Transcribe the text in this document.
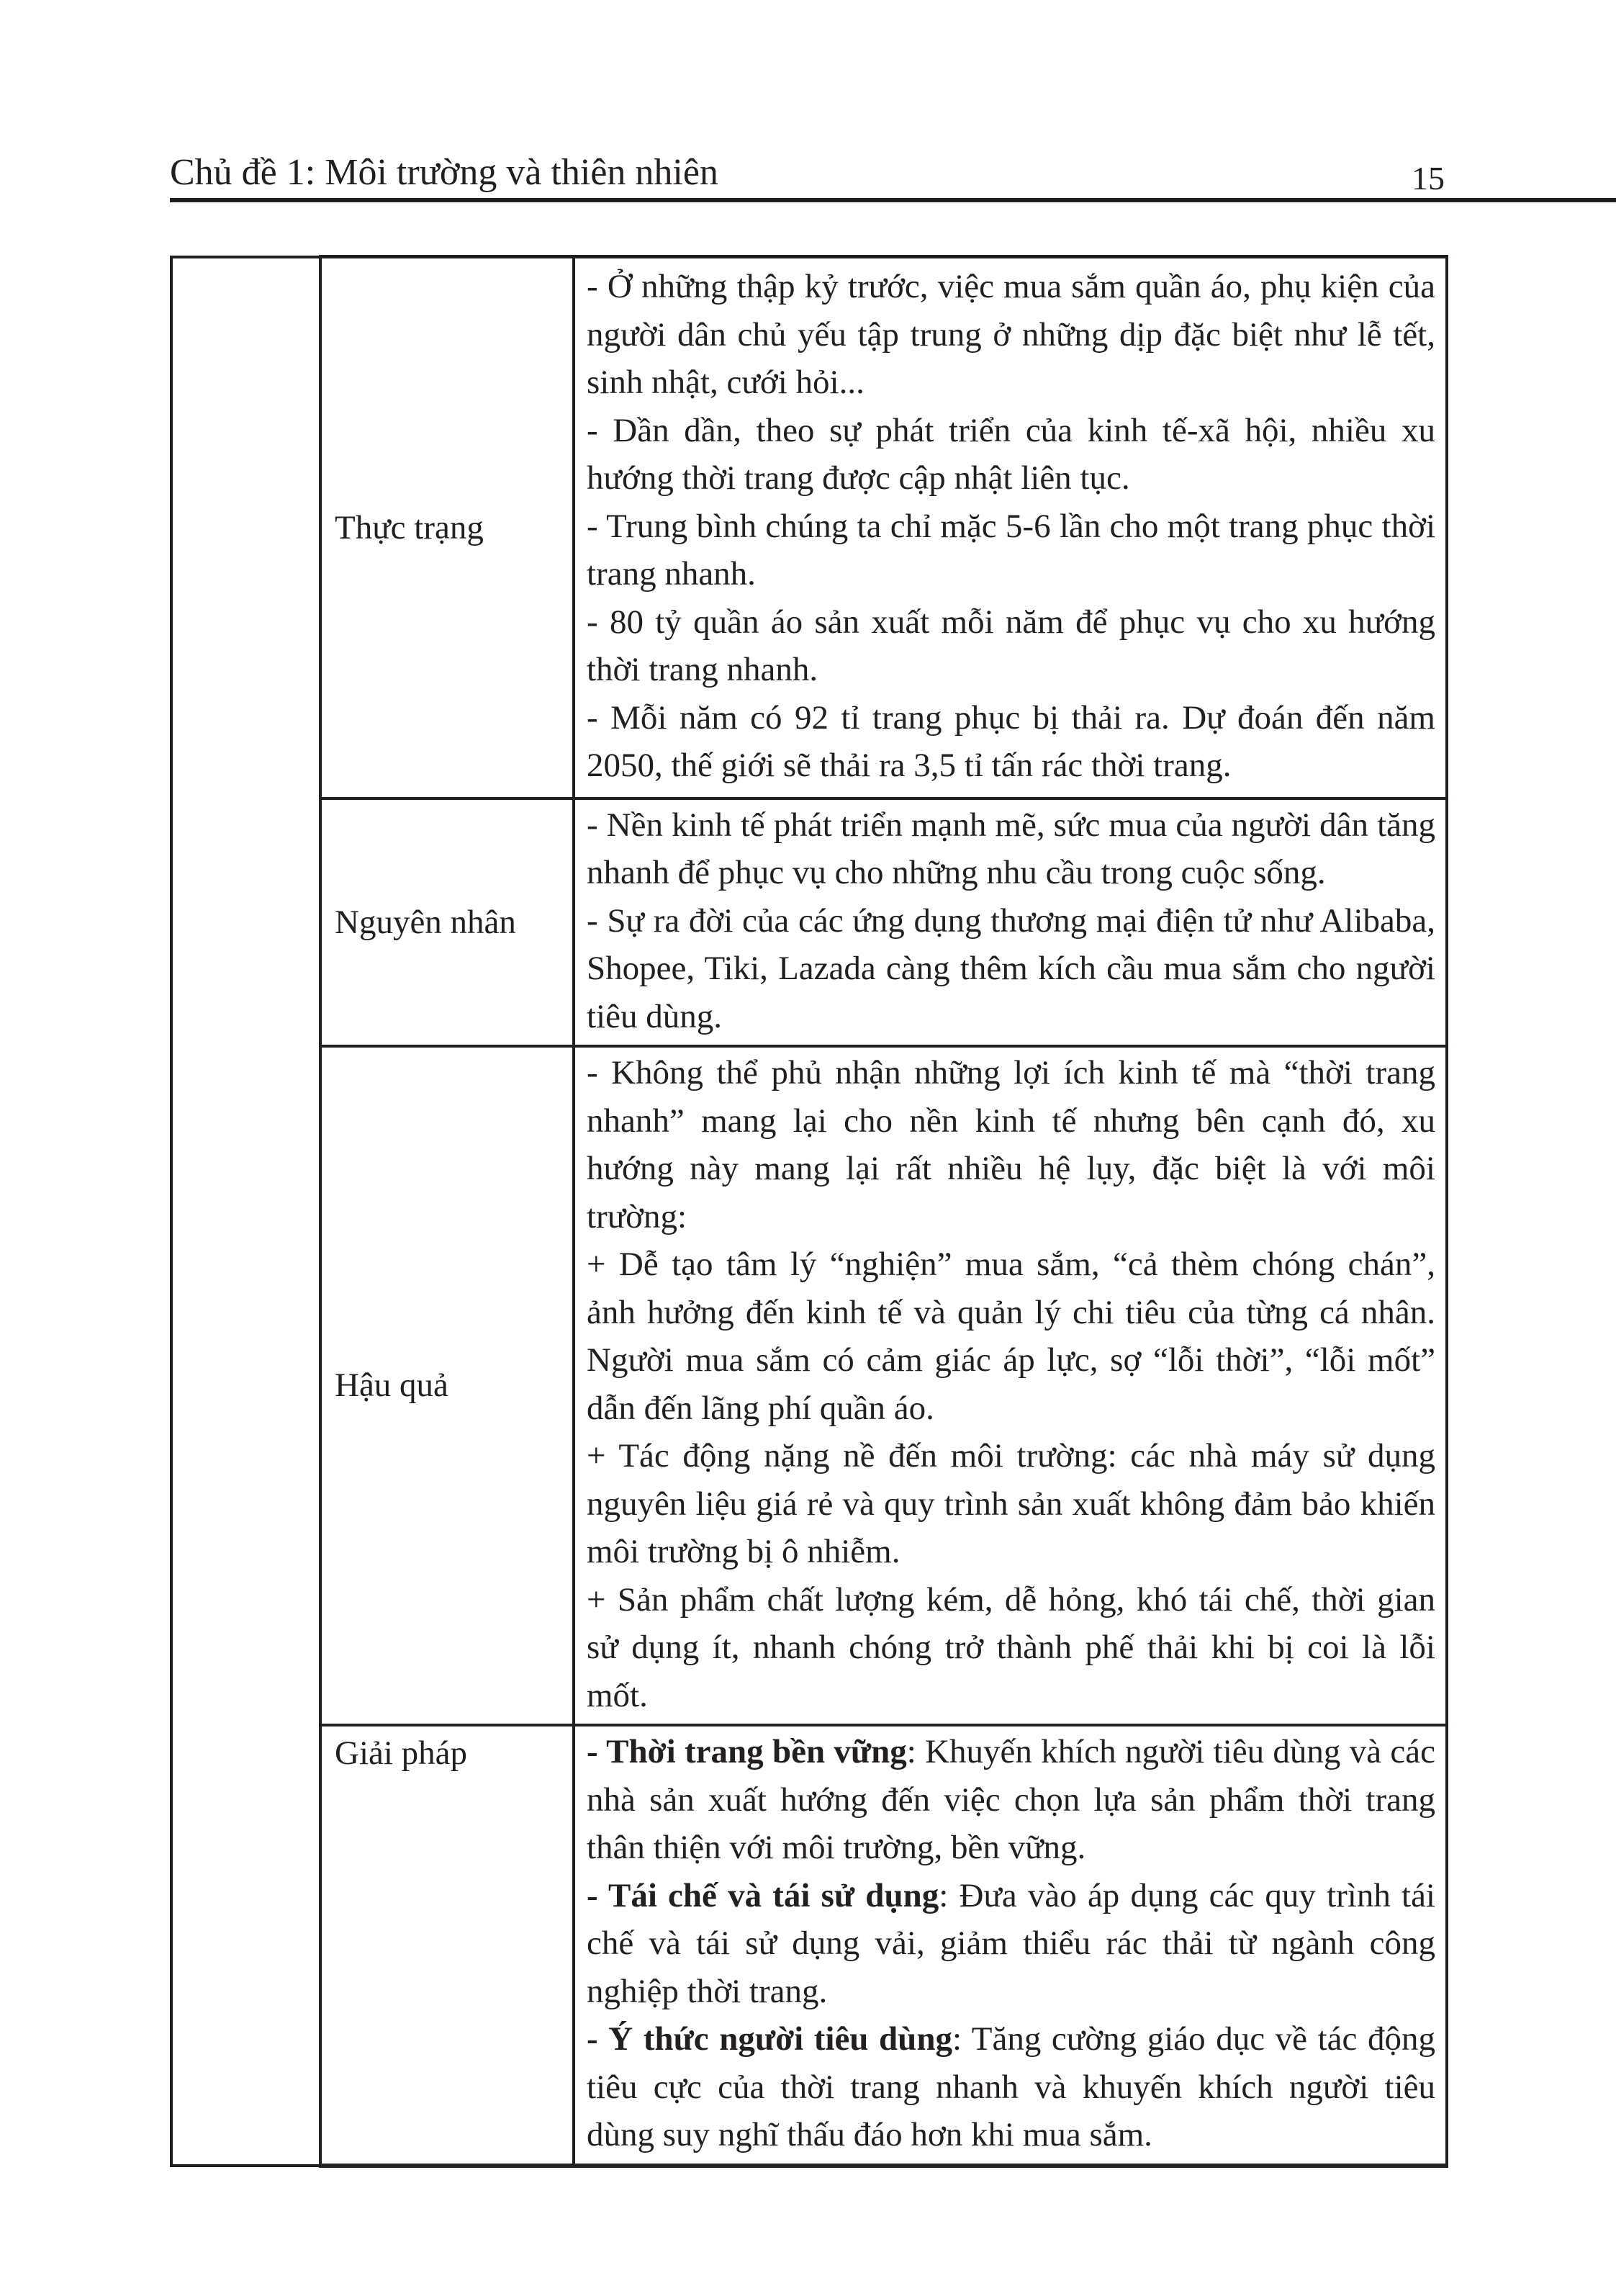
Chủ đề 1: Môi trường và thiên nhiên	15
	Thực trạng	- Ở những thập kỷ trước, việc mua sắm quần áo, phụ kiện của người dân chủ yếu tập trung ở những dịp đặc biệt như lễ tết, sinh nhật, cưới hỏi...

- Dần dần, theo sự phát triển của kinh tế-xã hội, nhiều xu hướng thời trang được cập nhật liên tục.

- Trung bình chúng ta chỉ mặc 5-6 lần cho một trang phục thời trang nhanh.

- 80 tỷ quần áo sản xuất mỗi năm để phục vụ cho xu hướng thời trang nhanh.

- Mỗi năm có 92 tỉ trang phục bị thải ra. Dự đoán đến năm 2050, thế giới sẽ thải ra 3,5 tỉ tấn rác thời trang.

	Nguyên nhân	- Nền kinh tế phát triển mạnh mẽ, sức mua của người dân tăng nhanh để phục vụ cho những nhu cầu trong cuộc sống.

- Sự ra đời của các ứng dụng thương mại điện tử như Alibaba, Shopee, Tiki, Lazada càng thêm kích cầu mua sắm cho người tiêu dùng.

	Hậu quả	- Không thể phủ nhận những lợi ích kinh tế mà “thời trang nhanh” mang lại cho nền kinh tế nhưng bên cạnh đó, xu hướng này mang lại rất nhiều hệ lụy, đặc biệt là với môi trường:

+ Dễ tạo tâm lý “nghiện” mua sắm, “cả thèm chóng chán”, ảnh hưởng đến kinh tế và quản lý chi tiêu của từng cá nhân. Người mua sắm có cảm giác áp lực, sợ “lỗi thời”, “lỗi mốt” dẫn đến lãng phí quần áo.

+ Tác động nặng nề đến môi trường: các nhà máy sử dụng nguyên liệu giá rẻ và quy trình sản xuất không đảm bảo khiến môi trường bị ô nhiễm.

+ Sản phẩm chất lượng kém, dễ hỏng, khó tái chế, thời gian sử dụng ít, nhanh chóng trở thành phế thải khi bị coi là lỗi mốt.

	Giải pháp	- Thời trang bền vững: Khuyến khích người tiêu dùng và các nhà sản xuất hướng đến việc chọn lựa sản phẩm thời trang thân thiện với môi trường, bền vững.

- Tái chế và tái sử dụng: Đưa vào áp dụng các quy trình tái chế và tái sử dụng vải, giảm thiểu rác thải từ ngành công nghiệp thời trang.

- Ý thức người tiêu dùng: Tăng cường giáo dục về tác động tiêu cực của thời trang nhanh và khuyến khích người tiêu dùng suy nghĩ thấu đáo hơn khi mua sắm.
